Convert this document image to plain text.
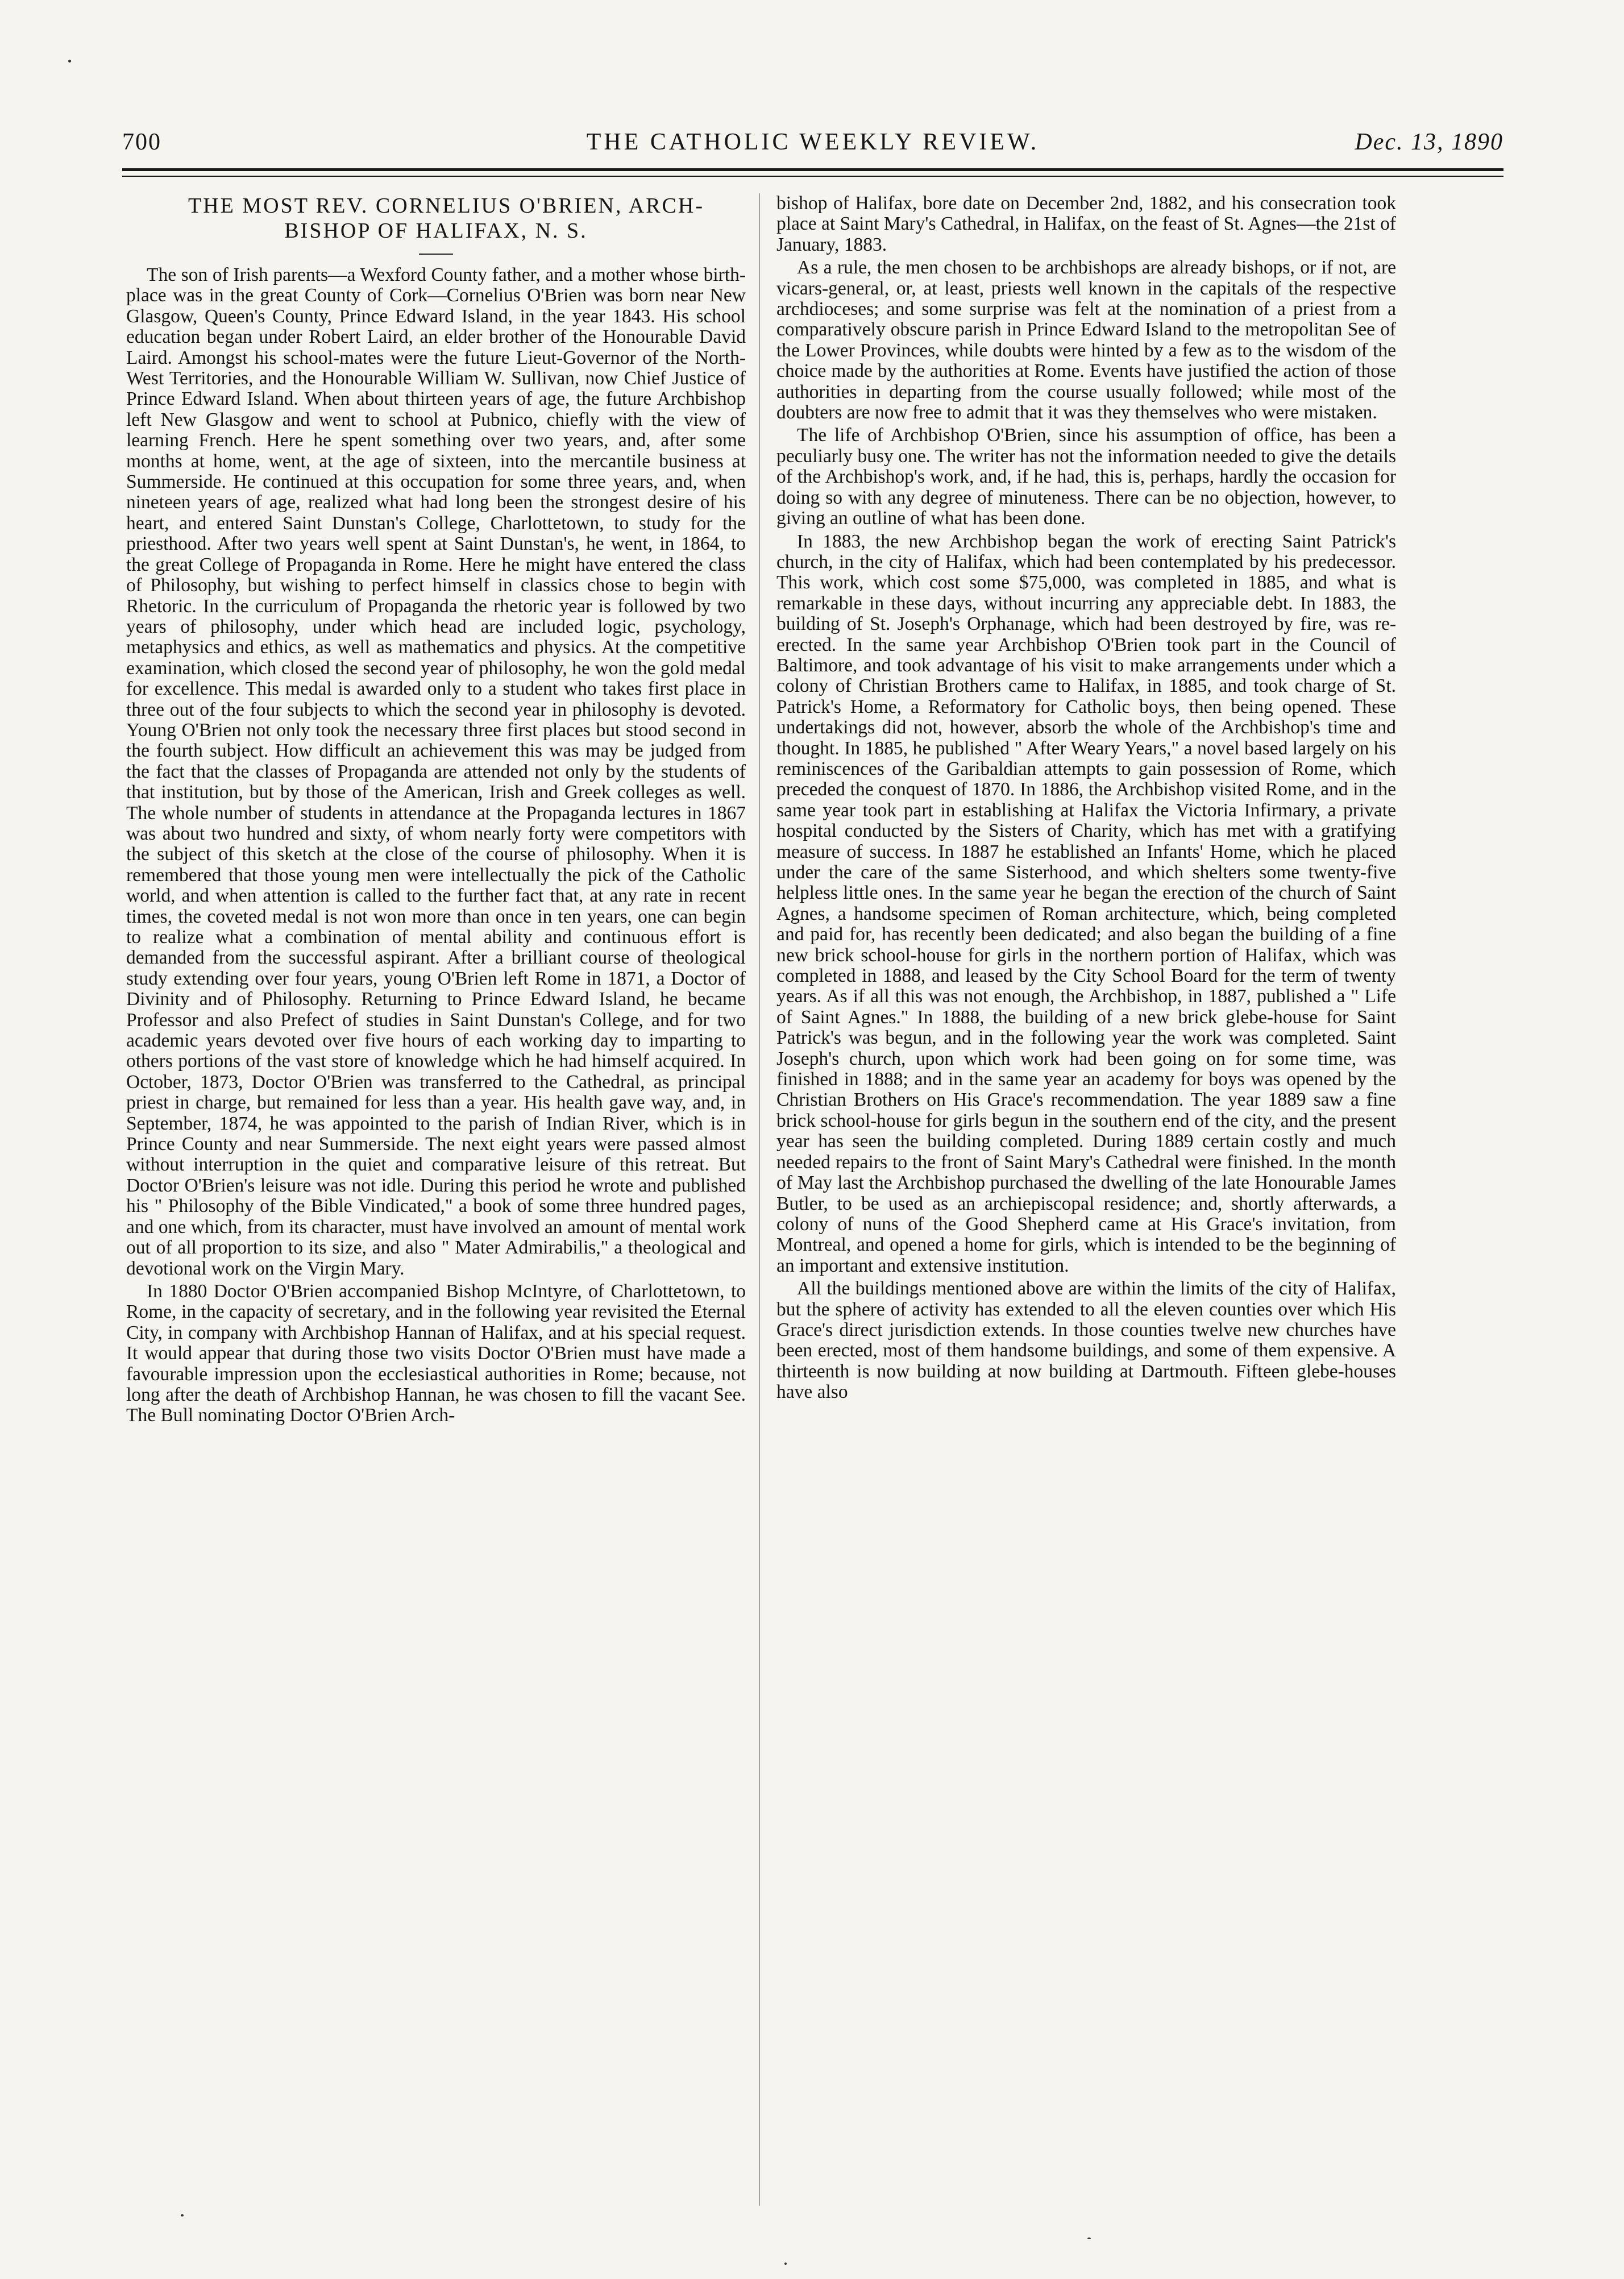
700	THE CATHOLIC WEEKLY REVIEW.	Dec. 13, 1890

THE MOST REV. CORNELIUS O'BRIEN, ARCH-BISHOP OF HALIFAX, N. S.

The son of Irish parents—a Wexford County father, and a mother whose birth-place was in the great County of Cork—Cornelius O'Brien was born near New Glasgow, Queen's County, Prince Edward Island, in the year 1843. His school education began under Robert Laird, an elder brother of the Honourable David Laird. Amongst his school-mates were the future Lieut-Governor of the North-West Territories, and the Honourable William W. Sullivan, now Chief Justice of Prince Edward Island. When about thirteen years of age, the future Archbishop left New Glasgow and went to school at Pubnico, chiefly with the view of learning French. Here he spent something over two years, and, after some months at home, went, at the age of sixteen, into the mercantile business at Summerside. He continued at this occupation for some three years, and, when nineteen years of age, realized what had long been the strongest desire of his heart, and entered Saint Dunstan's College, Charlottetown, to study for the priesthood. After two years well spent at Saint Dunstan's, he went, in 1864, to the great College of Propaganda in Rome. Here he might have entered the class of Philosophy, but wishing to perfect himself in classics chose to begin with Rhetoric. In the curriculum of Propaganda the rhetoric year is followed by two years of philosophy, under which head are included logic, psychology, metaphysics and ethics, as well as mathematics and physics. At the competitive examination, which closed the second year of philosophy, he won the gold medal for excellence. This medal is awarded only to a student who takes first place in three out of the four subjects to which the second year in philosophy is devoted. Young O'Brien not only took the necessary three first places but stood second in the fourth subject. How difficult an achievement this was may be judged from the fact that the classes of Propaganda are attended not only by the students of that institution, but by those of the American, Irish and Greek colleges as well. The whole number of students in attendance at the Propaganda lectures in 1867 was about two hundred and sixty, of whom nearly forty were competitors with the subject of this sketch at the close of the course of philosophy. When it is remembered that those young men were intellectually the pick of the Catholic world, and when attention is called to the further fact that, at any rate in recent times, the coveted medal is not won more than once in ten years, one can begin to realize what a combination of mental ability and continuous effort is demanded from the successful aspirant. After a brilliant course of theological study extending over four years, young O'Brien left Rome in 1871, a Doctor of Divinity and of Philosophy. Returning to Prince Edward Island, he became Professor and also Prefect of studies in Saint Dunstan's College, and for two academic years devoted over five hours of each working day to imparting to others portions of the vast store of knowledge which he had himself acquired. In October, 1873, Doctor O'Brien was transferred to the Cathedral, as principal priest in charge, but remained for less than a year. His health gave way, and, in September, 1874, he was appointed to the parish of Indian River, which is in Prince County and near Summerside. The next eight years were passed almost without interruption in the quiet and comparative leisure of this retreat. But Doctor O'Brien's leisure was not idle. During this period he wrote and published his " Philosophy of the Bible Vindicated," a book of some three hundred pages, and one which, from its character, must have involved an amount of mental work out of all proportion to its size, and also " Mater Admirabilis," a theological and devotional work on the Virgin Mary.

In 1880 Doctor O'Brien accompanied Bishop McIntyre, of Charlottetown, to Rome, in the capacity of secretary, and in the following year revisited the Eternal City, in company with Archbishop Hannan of Halifax, and at his special request. It would appear that during those two visits Doctor O'Brien must have made a favourable impression upon the ecclesiastical authorities in Rome; because, not long after the death of Archbishop Hannan, he was chosen to fill the vacant See. The Bull nominating Doctor O'Brien Arch-

bishop of Halifax, bore date on December 2nd, 1882, and his consecration took place at Saint Mary's Cathedral, in Halifax, on the feast of St. Agnes—the 21st of January, 1883.

As a rule, the men chosen to be archbishops are already bishops, or if not, are vicars-general, or, at least, priests well known in the capitals of the respective archdioceses; and some surprise was felt at the nomination of a priest from a comparatively obscure parish in Prince Edward Island to the metropolitan See of the Lower Provinces, while doubts were hinted by a few as to the wisdom of the choice made by the authorities at Rome. Events have justified the action of those authorities in departing from the course usually followed; while most of the doubters are now free to admit that it was they themselves who were mistaken.

The life of Archbishop O'Brien, since his assumption of office, has been a peculiarly busy one. The writer has not the information needed to give the details of the Archbishop's work, and, if he had, this is, perhaps, hardly the occasion for doing so with any degree of minuteness. There can be no objection, however, to giving an outline of what has been done.

In 1883, the new Archbishop began the work of erecting Saint Patrick's church, in the city of Halifax, which had been contemplated by his predecessor. This work, which cost some $75,000, was completed in 1885, and what is remarkable in these days, without incurring any appreciable debt. In 1883, the building of St. Joseph's Orphanage, which had been destroyed by fire, was re-erected. In the same year Archbishop O'Brien took part in the Council of Baltimore, and took advantage of his visit to make arrangements under which a colony of Christian Brothers came to Halifax, in 1885, and took charge of St. Patrick's Home, a Reformatory for Catholic boys, then being opened. These undertakings did not, however, absorb the whole of the Archbishop's time and thought. In 1885, he published " After Weary Years," a novel based largely on his reminiscences of the Garibaldian attempts to gain possession of Rome, which preceded the conquest of 1870. In 1886, the Archbishop visited Rome, and in the same year took part in establishing at Halifax the Victoria Infirmary, a private hospital conducted by the Sisters of Charity, which has met with a gratifying measure of success. In 1887 he established an Infants' Home, which he placed under the care of the same Sisterhood, and which shelters some twenty-five helpless little ones. In the same year he began the erection of the church of Saint Agnes, a handsome specimen of Roman architecture, which, being completed and paid for, has recently been dedicated; and also began the building of a fine new brick school-house for girls in the northern portion of Halifax, which was completed in 1888, and leased by the City School Board for the term of twenty years. As if all this was not enough, the Archbishop, in 1887, published a " Life of Saint Agnes." In 1888, the building of a new brick glebe-house for Saint Patrick's was begun, and in the following year the work was completed. Saint Joseph's church, upon which work had been going on for some time, was finished in 1888; and in the same year an academy for boys was opened by the Christian Brothers on His Grace's recommendation. The year 1889 saw a fine brick school-house for girls begun in the southern end of the city, and the present year has seen the building completed. During 1889 certain costly and much needed repairs to the front of Saint Mary's Cathedral were finished. In the month of May last the Archbishop purchased the dwelling of the late Honourable James Butler, to be used as an archiepiscopal residence; and, shortly afterwards, a colony of nuns of the Good Shepherd came at His Grace's invitation, from Montreal, and opened a home for girls, which is intended to be the beginning of an important and extensive institution.

All the buildings mentioned above are within the limits of the city of Halifax, but the sphere of activity has extended to all the eleven counties over which His Grace's direct jurisdiction extends. In those counties twelve new churches have been erected, most of them handsome buildings, and some of them expensive. A thirteenth is now building at now building at Dartmouth. Fifteen glebe-houses have also
